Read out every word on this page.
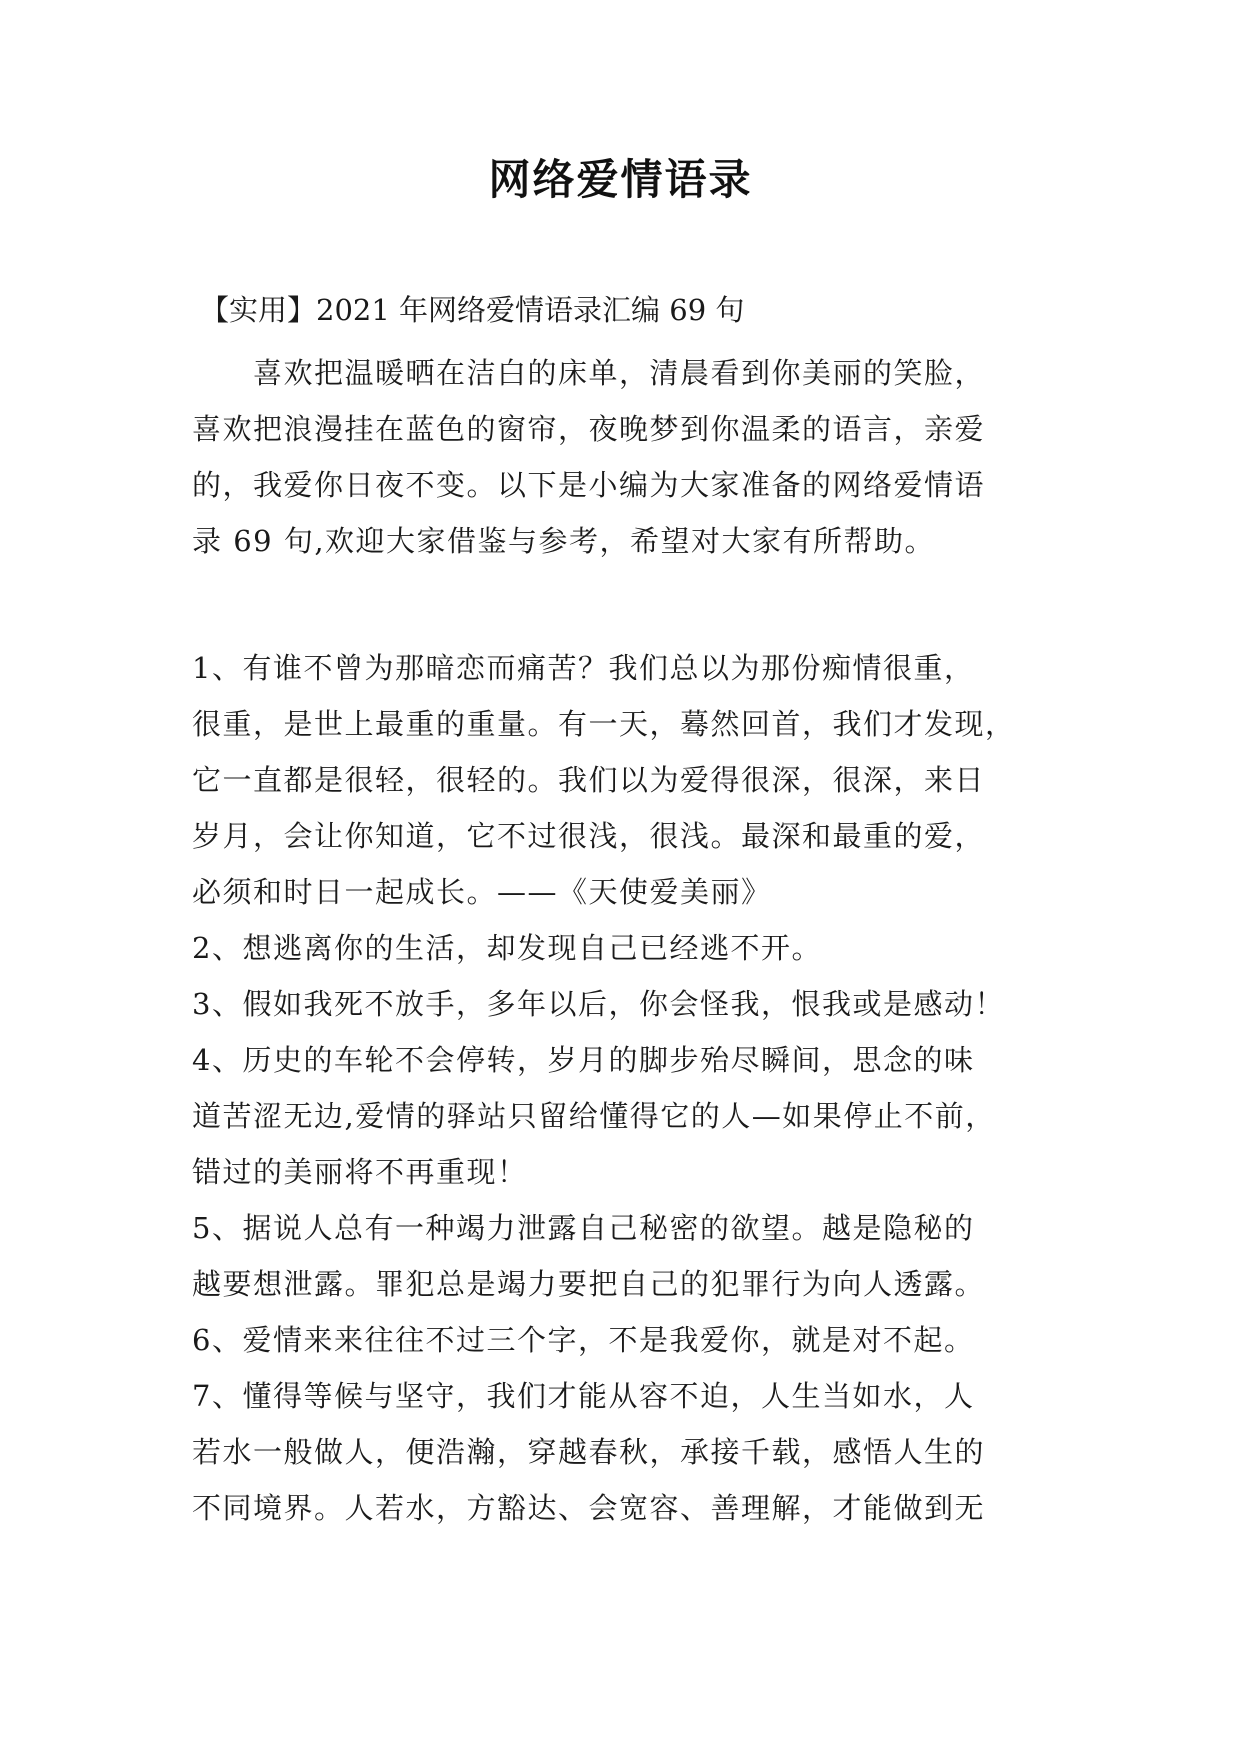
网络爱情语录

【实用】2021 年网络爱情语录汇编 69 句

　　喜欢把温暖晒在洁白的床单，清晨看到你美丽的笑脸，
喜欢把浪漫挂在蓝色的窗帘，夜晚梦到你温柔的语言，亲爱
的，我爱你日夜不变。以下是小编为大家准备的网络爱情语
录 69 句,欢迎大家借鉴与参考，希望对大家有所帮助。
1、有谁不曾为那暗恋而痛苦？我们总以为那份痴情很重，
很重，是世上最重的重量。有一天，蓦然回首，我们才发现，
它一直都是很轻，很轻的。我们以为爱得很深，很深，来日
岁月，会让你知道，它不过很浅，很浅。最深和最重的爱，
必须和时日一起成长。——《天使爱美丽》
2、想逃离你的生活，却发现自己已经逃不开。
3、假如我死不放手，多年以后，你会怪我，恨我或是感动！
4、历史的车轮不会停转，岁月的脚步殆尽瞬间，思念的味
道苦涩无边,爱情的驿站只留给懂得它的人—如果停止不前，
错过的美丽将不再重现！
5、据说人总有一种竭力泄露自己秘密的欲望。越是隐秘的
越要想泄露。罪犯总是竭力要把自己的犯罪行为向人透露。
6、爱情来来往往不过三个字，不是我爱你，就是对不起。
7、懂得等候与坚守，我们才能从容不迫，人生当如水，人
若水一般做人，便浩瀚，穿越春秋，承接千载，感悟人生的
不同境界。人若水，方豁达、会宽容、善理解，才能做到无
